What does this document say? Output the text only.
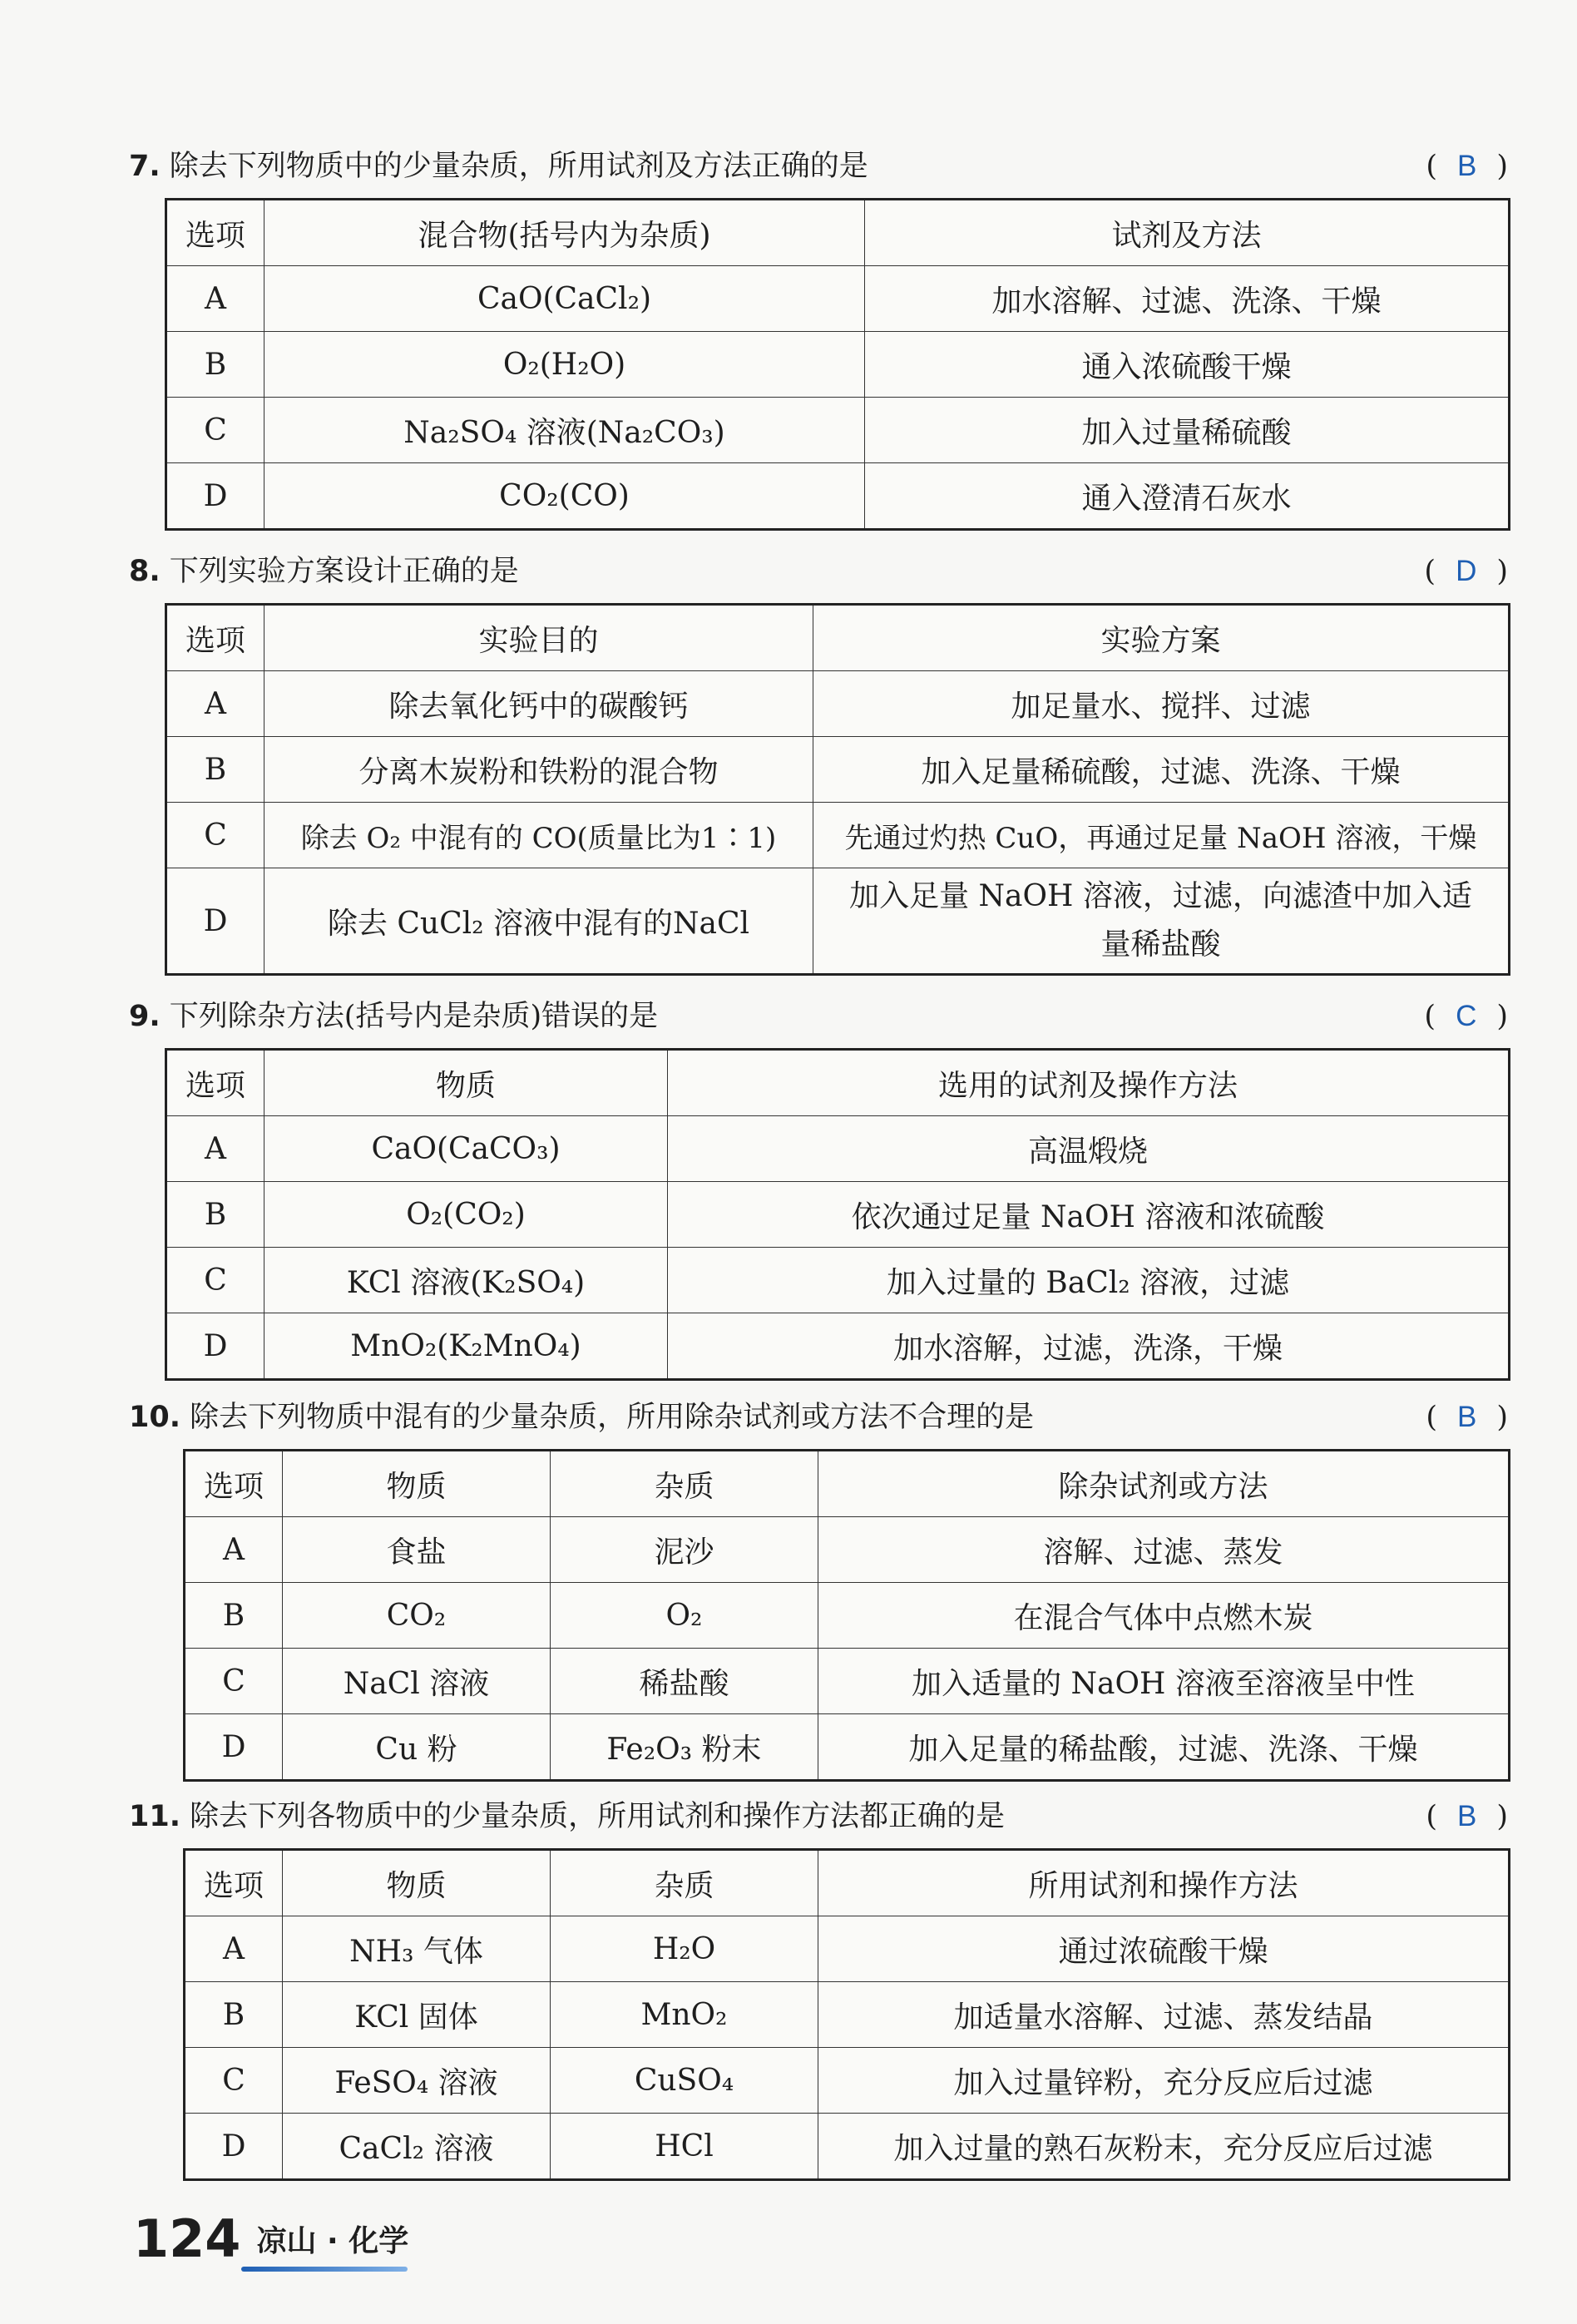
7. 除去下列物质中的少量杂质，所用试剂及方法正确的是	( B )
选项	混合物(括号内为杂质)	试剂及方法
A	CaO(CaCl₂)	加水溶解、过滤、洗涤、干燥
B	O₂(H₂O)	通入浓硫酸干燥
C	Na₂SO₄ 溶液(Na₂CO₃)	加入过量稀硫酸
D	CO₂(CO)	通入澄清石灰水
8. 下列实验方案设计正确的是	( D )
选项	实验目的	实验方案
A	除去氧化钙中的碳酸钙	加足量水、搅拌、过滤
B	分离木炭粉和铁粉的混合物	加入足量稀硫酸，过滤、洗涤、干燥
C	除去 O₂ 中混有的 CO(质量比为1∶1)	先通过灼热 CuO，再通过足量 NaOH 溶液，干燥
D	除去 CuCl₂ 溶液中混有的NaCl	加入足量 NaOH 溶液，过滤，向滤渣中加入适量稀盐酸
9. 下列除杂方法(括号内是杂质)错误的是	( C )
选项	物质	选用的试剂及操作方法
A	CaO(CaCO₃)	高温煅烧
B	O₂(CO₂)	依次通过足量 NaOH 溶液和浓硫酸
C	KCl 溶液(K₂SO₄)	加入过量的 BaCl₂ 溶液，过滤
D	MnO₂(K₂MnO₄)	加水溶解，过滤，洗涤，干燥
10. 除去下列物质中混有的少量杂质，所用除杂试剂或方法不合理的是	( B )
选项	物质	杂质	除杂试剂或方法
A	食盐	泥沙	溶解、过滤、蒸发
B	CO₂	O₂	在混合气体中点燃木炭
C	NaCl 溶液	稀盐酸	加入适量的 NaOH 溶液至溶液呈中性
D	Cu 粉	Fe₂O₃ 粉末	加入足量的稀盐酸，过滤、洗涤、干燥
11. 除去下列各物质中的少量杂质，所用试剂和操作方法都正确的是	( B )
选项	物质	杂质	所用试剂和操作方法
A	NH₃ 气体	H₂O	通过浓硫酸干燥
B	KCl 固体	MnO₂	加适量水溶解、过滤、蒸发结晶
C	FeSO₄ 溶液	CuSO₄	加入过量锌粉，充分反应后过滤
D	CaCl₂ 溶液	HCl	加入过量的熟石灰粉末，充分反应后过滤
124 凉山 · 化学
